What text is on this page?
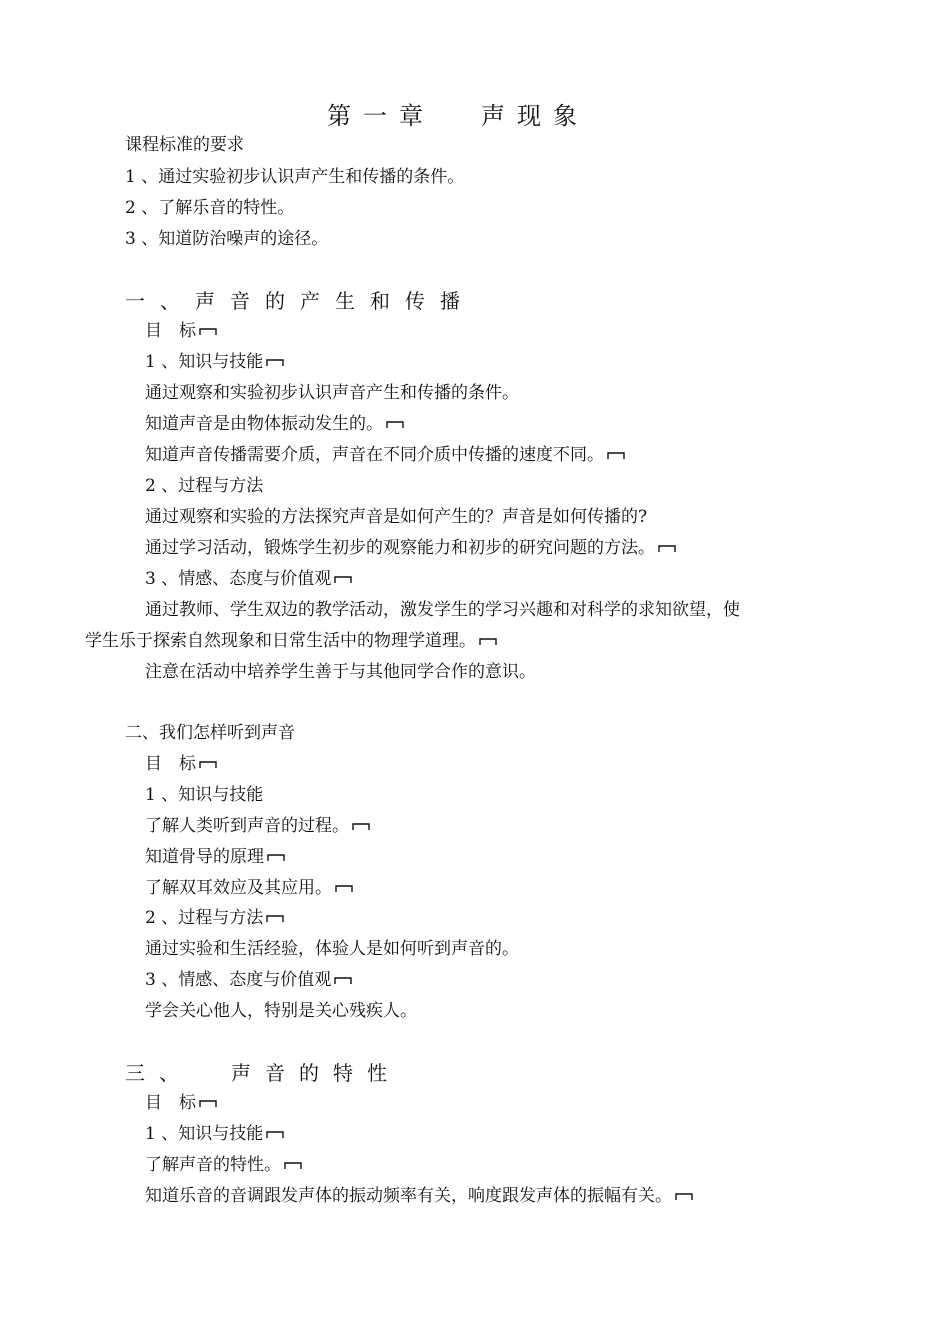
第一章 声现象
课程标准的要求
1 、通过实验初步认识声产生和传播的条件。
2 、了解乐音的特性。
3 、知道防治噪声的途径。
一、声音的产生和传播
目　标
1 、知识与技能
通过观察和实验初步认识声音产生和传播的条件。
知道声音是由物体振动发生的。
知道声音传播需要介质，声音在不同介质中传播的速度不同。
2 、过程与方法
通过观察和实验的方法探究声音是如何产生的？声音是如何传播的?
通过学习活动，锻炼学生初步的观察能力和初步的研究问题的方法。
3 、情感、态度与价值观
通过教师、学生双边的教学活动，激发学生的学习兴趣和对科学的求知欲望，使
学生乐于探索自然现象和日常生活中的物理学道理。
注意在活动中培养学生善于与其他同学合作的意识。
二、我们怎样听到声音
目　标
1 、知识与技能
了解人类听到声音的过程。
知道骨导的原理
了解双耳效应及其应用。
2 、过程与方法
通过实验和生活经验，体验人是如何听到声音的。
3 、情感、态度与价值观
学会关心他人，特别是关心残疾人。
三、 声音的特性
目　标
1 、知识与技能
了解声音的特性。
知道乐音的音调跟发声体的振动频率有关，响度跟发声体的振幅有关。
